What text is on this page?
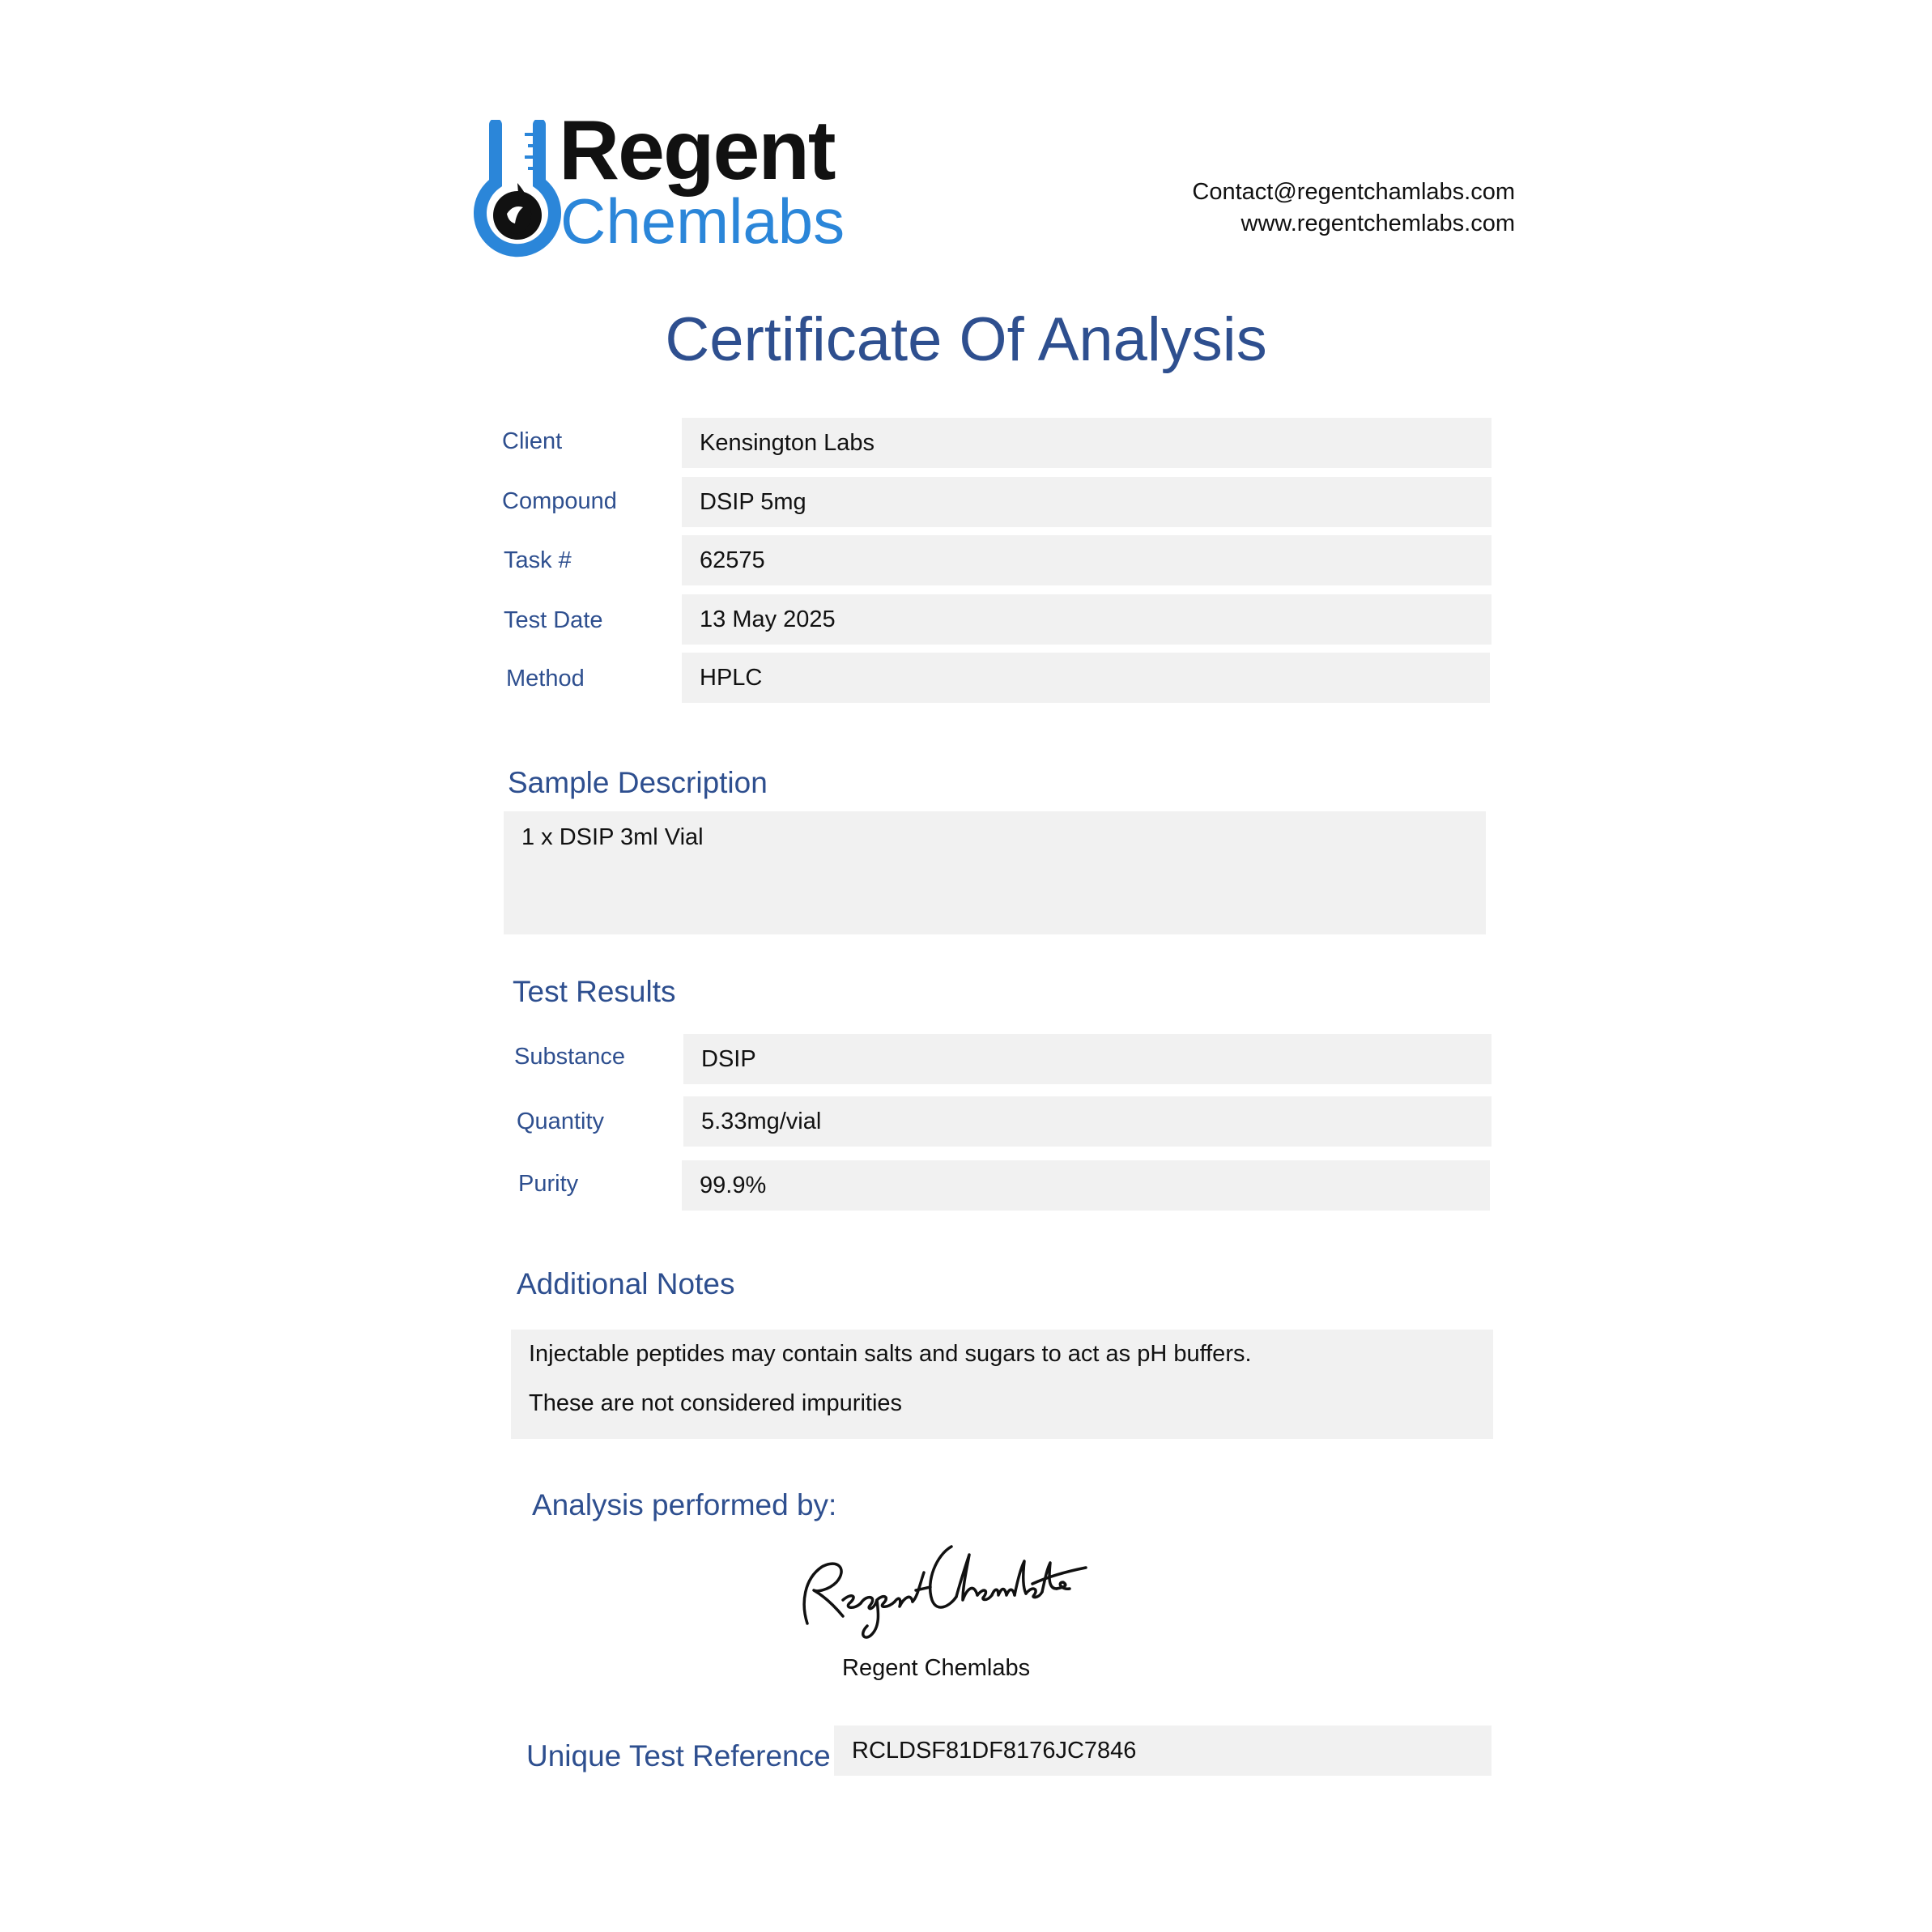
Regent
Chemlabs	Contact@regentchamlabs.com
www.regentchemlabs.com
Certificate Of Analysis
Client	Kensington Labs
Compound	DSIP 5mg
Task #	62575
Test Date	13 May 2025
Method	HPLC
Sample Description
1 x DSIP 3ml Vial
Test Results
Substance	DSIP
Quantity	5.33mg/vial
Purity	99.9%
Additional Notes
Injectable peptides may contain salts and sugars to act as pH buffers.
These are not considered impurities
Analysis performed by:
Regent Chemlabs
Unique Test Reference RCLDSF81DF8176JC7846
